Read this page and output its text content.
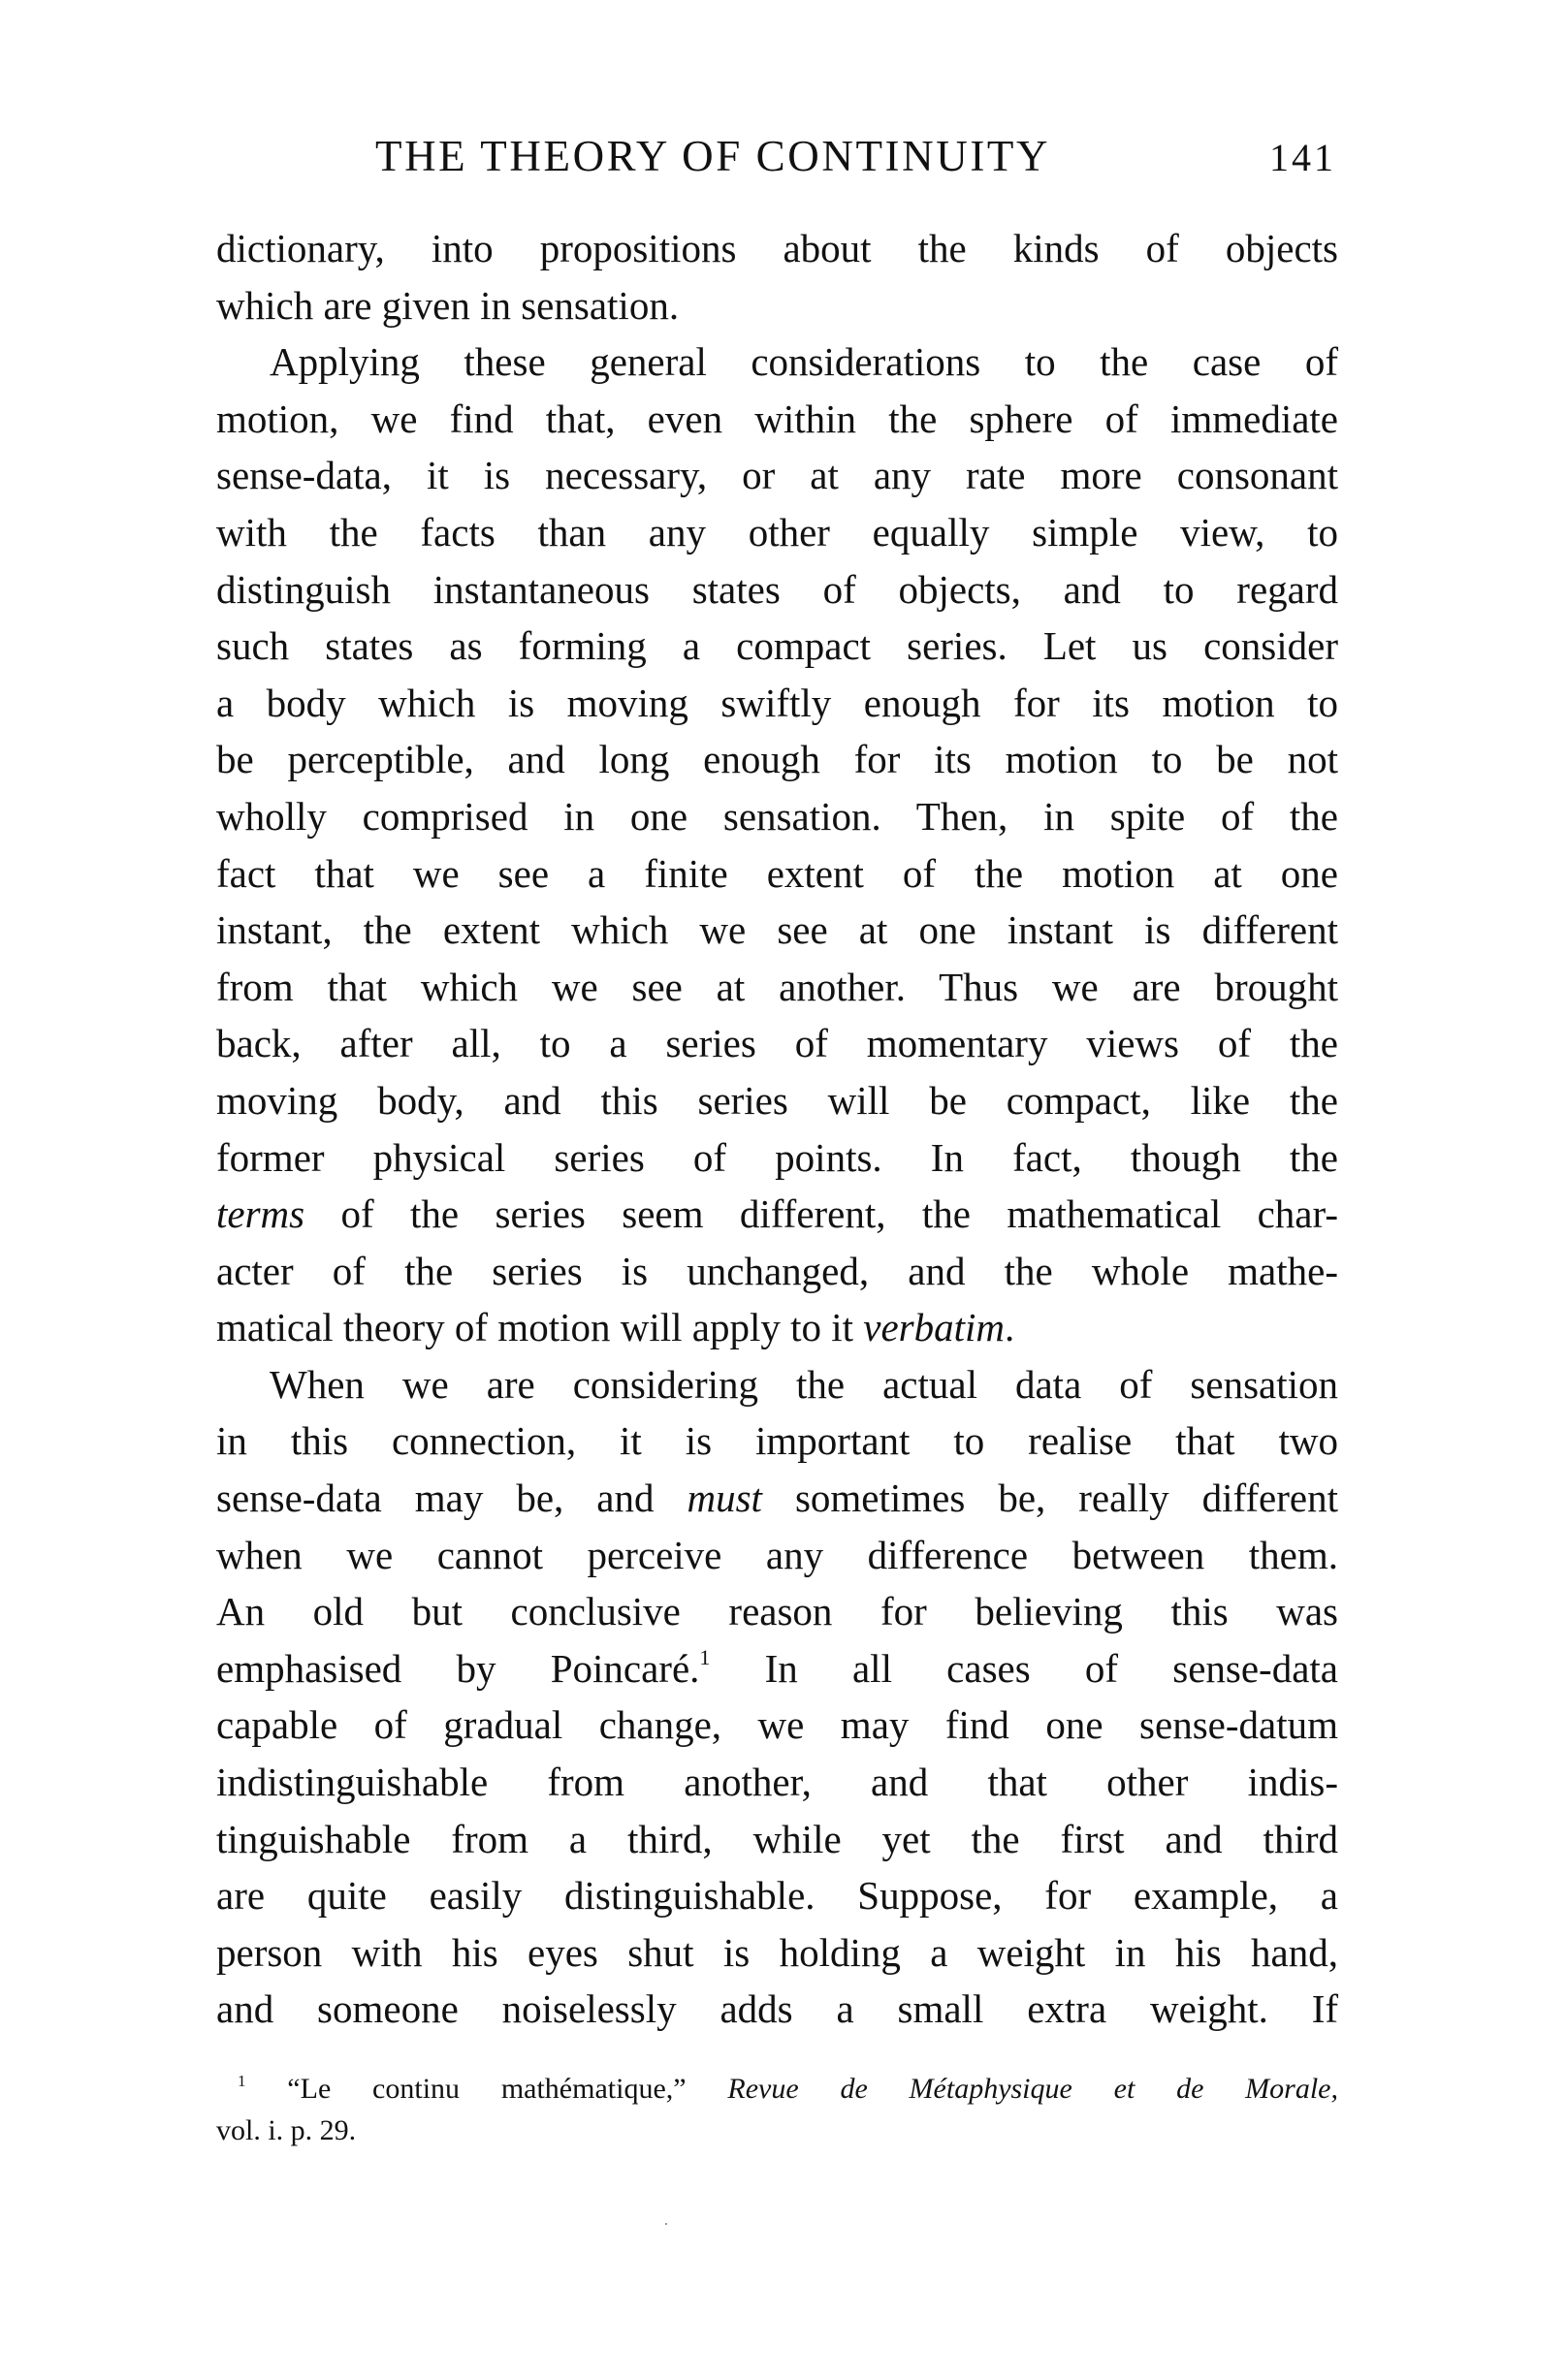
THE THEORY OF CONTINUITY	141
dictionary, into propositions about the kinds of objects
which are given in sensation.
Applying these general considerations to the case of
motion, we find that, even within the sphere of immediate
sense-data, it is necessary, or at any rate more consonant
with the facts than any other equally simple view, to
distinguish instantaneous states of objects, and to regard
such states as forming a compact series. Let us consider
a body which is moving swiftly enough for its motion to
be perceptible, and long enough for its motion to be not
wholly comprised in one sensation. Then, in spite of the
fact that we see a finite extent of the motion at one
instant, the extent which we see at one instant is different
from that which we see at another. Thus we are brought
back, after all, to a series of momentary views of the
moving body, and this series will be compact, like the
former physical series of points. In fact, though the
terms of the series seem different, the mathematical char-
acter of the series is unchanged, and the whole mathe-
matical theory of motion will apply to it verbatim.
When we are considering the actual data of sensation
in this connection, it is important to realise that two
sense-data may be, and must sometimes be, really different
when we cannot perceive any difference between them.
An old but conclusive reason for believing this was
emphasised by Poincaré.$^1$ In all cases of sense-data
capable of gradual change, we may find one sense-datum
indistinguishable from another, and that other indis-
tinguishable from a third, while yet the first and third
are quite easily distinguishable. Suppose, for example, a
person with his eyes shut is holding a weight in his hand,
and someone noiselessly adds a small extra weight. If
$^1$ “Le continu mathématique,” Revue de Métaphysique et de Morale,
vol. i. p. 29.
